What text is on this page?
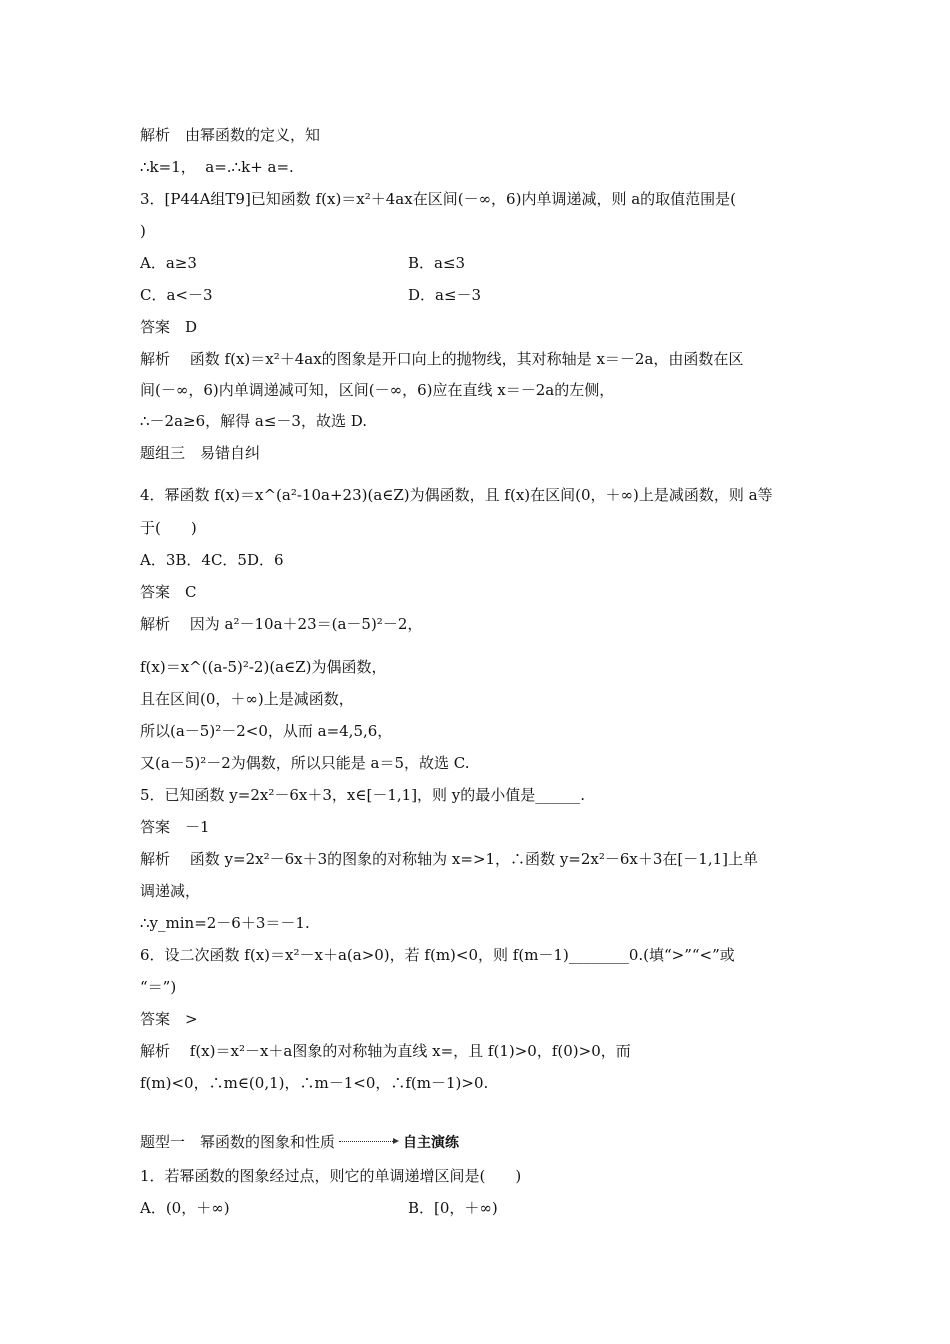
解析　由幂函数的定义，知
∴k=1，  a=.∴k+ a=.
3．[P44A组T9]已知函数 f(x)＝x²＋4ax在区间(－∞，6)内单调递减，则 a的取值范围是(
)
A．a≥3	B．a≤3
C．a<－3	D．a≤－3
答案　D
解析　 函数 f(x)＝x²＋4ax的图象是开口向上的抛物线，其对称轴是 x＝－2a，由函数在区
间(－∞，6)内单调递减可知，区间(－∞，6)应在直线 x＝－2a的左侧，
∴－2a≥6，解得 a≤－3，故选 D.
题组三　易错自纠
4．幂函数 f(x)＝x^(a²-10a+23)(a∈Z)为偶函数，且 f(x)在区间(0，＋∞)上是减函数，则 a等
于(　　)
A．3B．4C．5D．6
答案　C
解析　 因为 a²－10a＋23＝(a－5)²－2，
f(x)＝x^((a-5)²-2)(a∈Z)为偶函数，
且在区间(0，＋∞)上是减函数，
所以(a－5)²－2<0，从而 a=4,5,6，
又(a－5)²－2为偶数，所以只能是 a＝5，故选 C.
5．已知函数 y=2x²－6x＋3，x∈[－1,1]，则 y的最小值是______.
答案　－1
解析　 函数 y=2x²－6x＋3的图象的对称轴为 x=>1，∴函数 y=2x²－6x＋3在[－1,1]上单
调递减，
∴y_min=2－6＋3＝－1.
6．设二次函数 f(x)＝x²－x＋a(a>0)，若 f(m)<0，则 f(m－1)________0.(填“>”“<”或
“＝”)
答案　>
解析　 f(x)＝x²－x＋a图象的对称轴为直线 x=，且 f(1)>0，f(0)>0，而
f(m)<0，∴m∈(0,1)，∴m－1<0，∴f(m－1)>0.
题型一　幂函数的图象和性质	自主演练
1．若幂函数的图象经过点，则它的单调递增区间是(　　)
A．(0，＋∞)	B．[0，＋∞)
